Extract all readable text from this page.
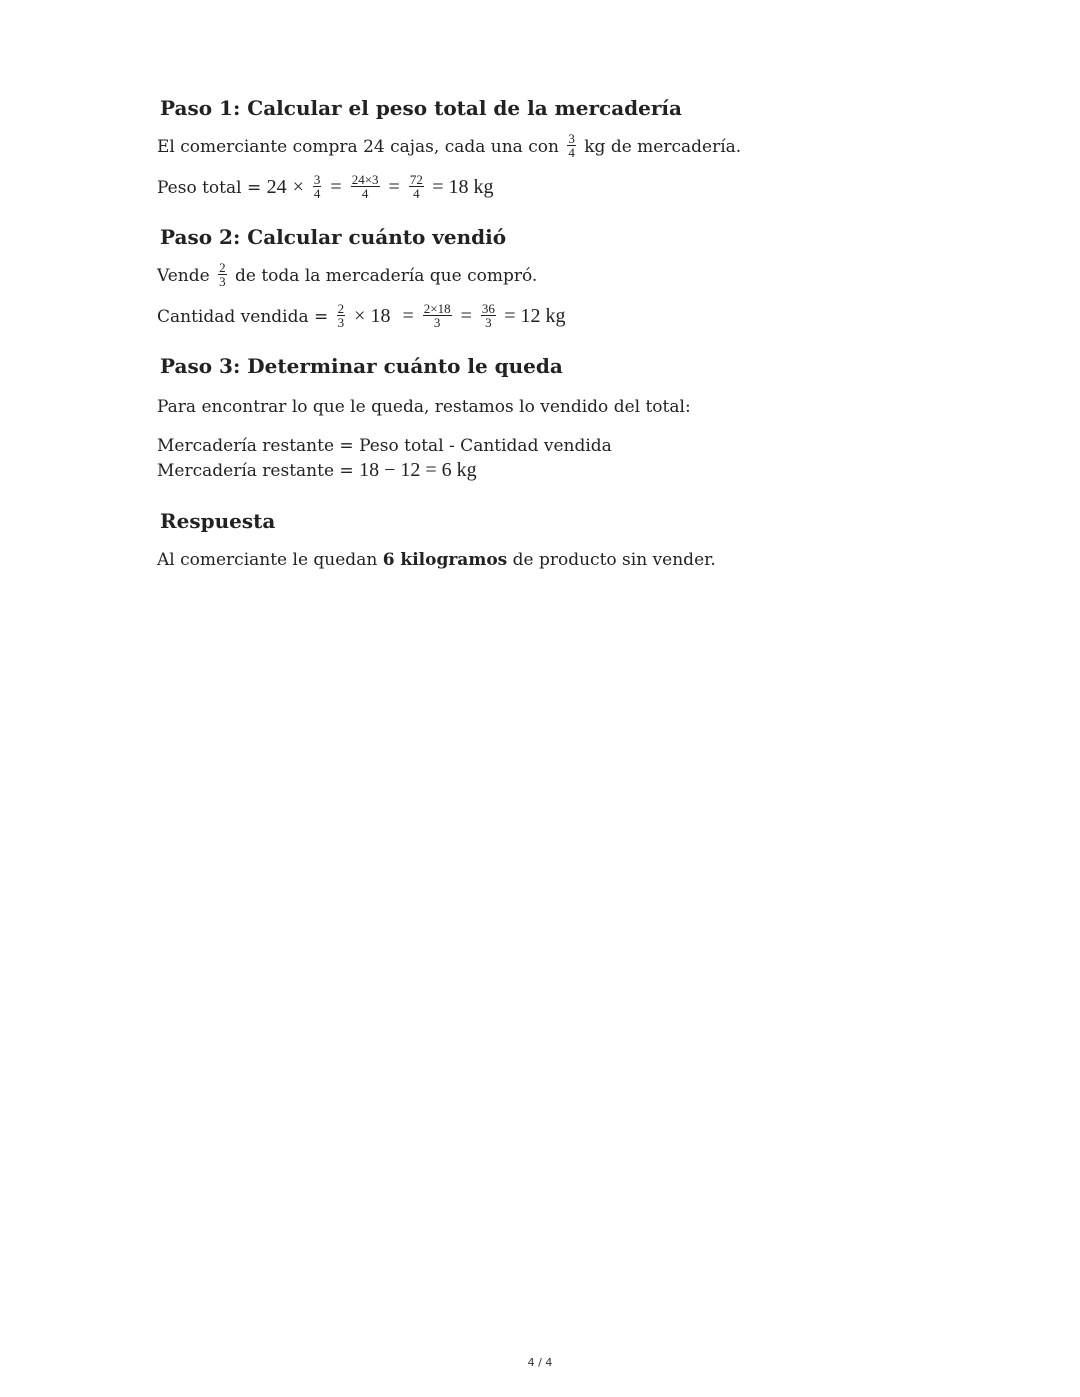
Paso 1: Calcular el peso total de la mercadería

El comerciante compra 24 cajas, cada una con $\frac{3}{4}$ kg de mercadería.

Peso total = $24 \times \frac{3}{4} = \frac{24\times 3}{4} = \frac{72}{4} = 18$ kg

Paso 2: Calcular cuánto vendió

Vende $\frac{2}{3}$ de toda la mercadería que compró.

Cantidad vendida = $\frac{2}{3} \times 18 = \frac{2\times 18}{3} = \frac{36}{3} = 12$ kg

Paso 3: Determinar cuánto le queda

Para encontrar lo que le queda, restamos lo vendido del total:

Mercadería restante = Peso total - Cantidad vendida

Mercadería restante = 18 − 12 = 6 kg

Respuesta

Al comerciante le quedan 6 kilogramos de producto sin vender.

4 / 4
